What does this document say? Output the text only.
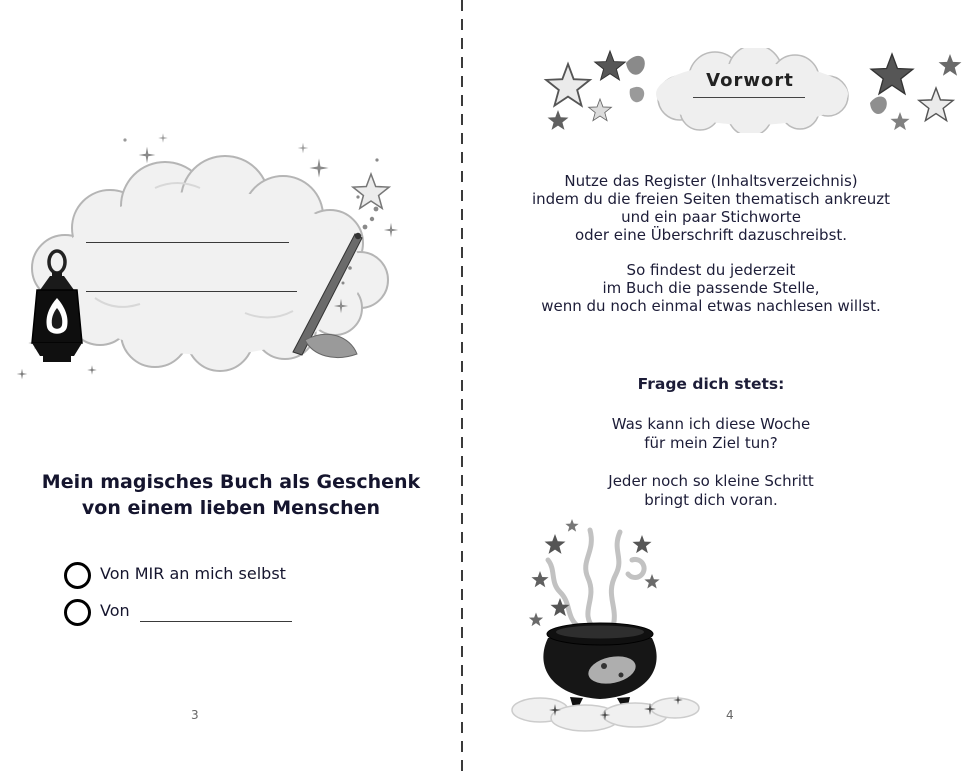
Mein magisches Buch als Geschenk
von einem lieben Menschen
Von MIR an mich selbst
Von
3
Vorwort
Nutze das Register (Inhaltsverzeichnis)
indem du die freien Seiten thematisch ankreuzt
und ein paar Stichworte
oder eine Überschrift dazuschreibst.
So findest du jederzeit
im Buch die passende Stelle,
wenn du noch einmal etwas nachlesen willst.
Frage dich stets:
Was kann ich diese Woche
für mein Ziel tun?
Jeder noch so kleine Schritt
bringt dich voran.
4
